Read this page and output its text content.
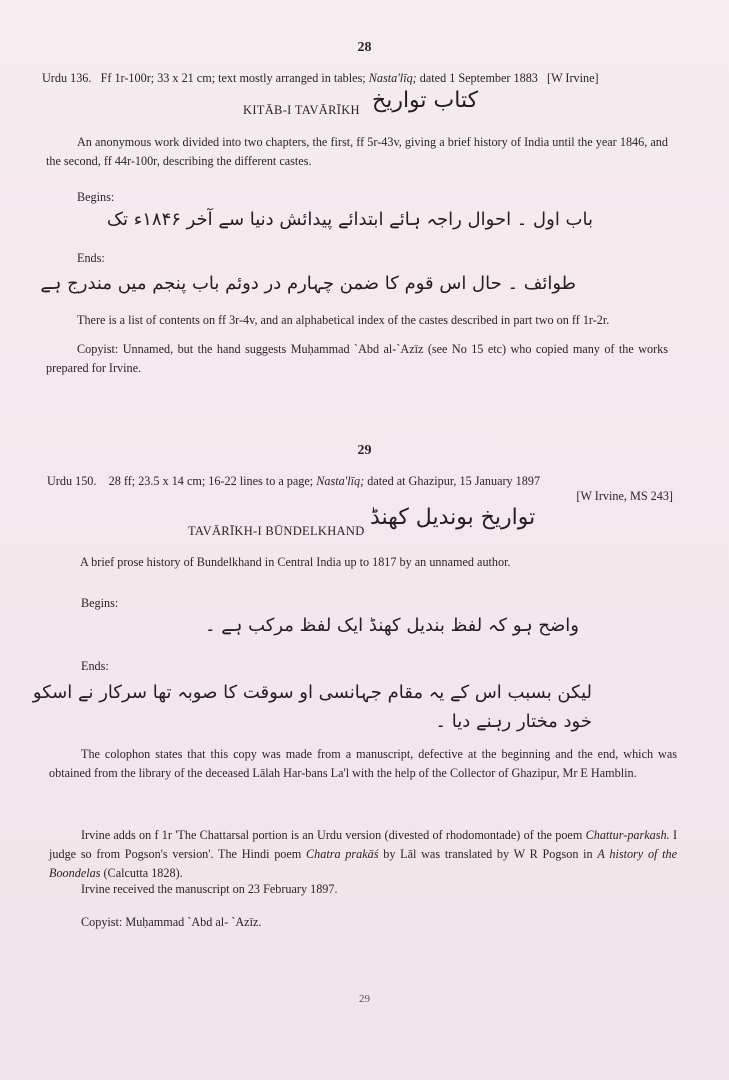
28
Urdu 136. Ff 1r-100r; 33 x 21 cm; text mostly arranged in tables; Nasta'līq; dated 1 September 1883 [W Irvine]
KITĀB-I TAVĀRĪKH کتاب تواریخ
An anonymous work divided into two chapters, the first, ff 5r-43v, giving a brief history of India until the year 1846, and the second, ff 44r-100r, describing the different castes.
Begins:
باب اول ۔ احوال راجہ ہائے ابتدائے پیدائش دنیا سے آخر ۱۸۴۶ء تک
Ends:
طوائف ۔ حال اس قوم کا ضمن چہارم در دوئم باب پنجم میں مندرج ہے
There is a list of contents on ff 3r-4v, and an alphabetical index of the castes described in part two on ff 1r-2r.
Copyist: Unnamed, but the hand suggests Muḥammad `Abd al-`Azīz (see No 15 etc) who copied many of the works prepared for Irvine.
29
Urdu 150. 28 ff; 23.5 x 14 cm; 16-22 lines to a page; Nasta'līq; dated at Ghazipur, 15 January 1897
[W Irvine, MS 243]
TAVĀRĪKH-I BŪNDELKHAND
تواریخ بوندیل کھنڈ
A brief prose history of Bundelkhand in Central India up to 1817 by an unnamed author.
Begins:
واضح ہو کہ لفظ بندیل کھنڈ ایک لفظ مرکب ہے ۔
Ends:
لیکن بسبب اس کے یہ مقام جہانسی او سوقت کا صوبہ تھا سرکار نے اسکو
خود مختار رہنے دیا ۔
The colophon states that this copy was made from a manuscript, defective at the beginning and the end, which was obtained from the library of the deceased Lālah Har-bans La'l with the help of the Collector of Ghazipur, Mr E Hamblin.
Irvine adds on f 1r 'The Chattarsal portion is an Urdu version (divested of rhodomontade) of the poem Chattur-parkash. I judge so from Pogson's version'. The Hindi poem Chatra prakāś by Lāl was translated by W R Pogson in A history of the Boondelas (Calcutta 1828).
Irvine received the manuscript on 23 February 1897.
Copyist: Muḥammad `Abd al- `Azīz.
29
